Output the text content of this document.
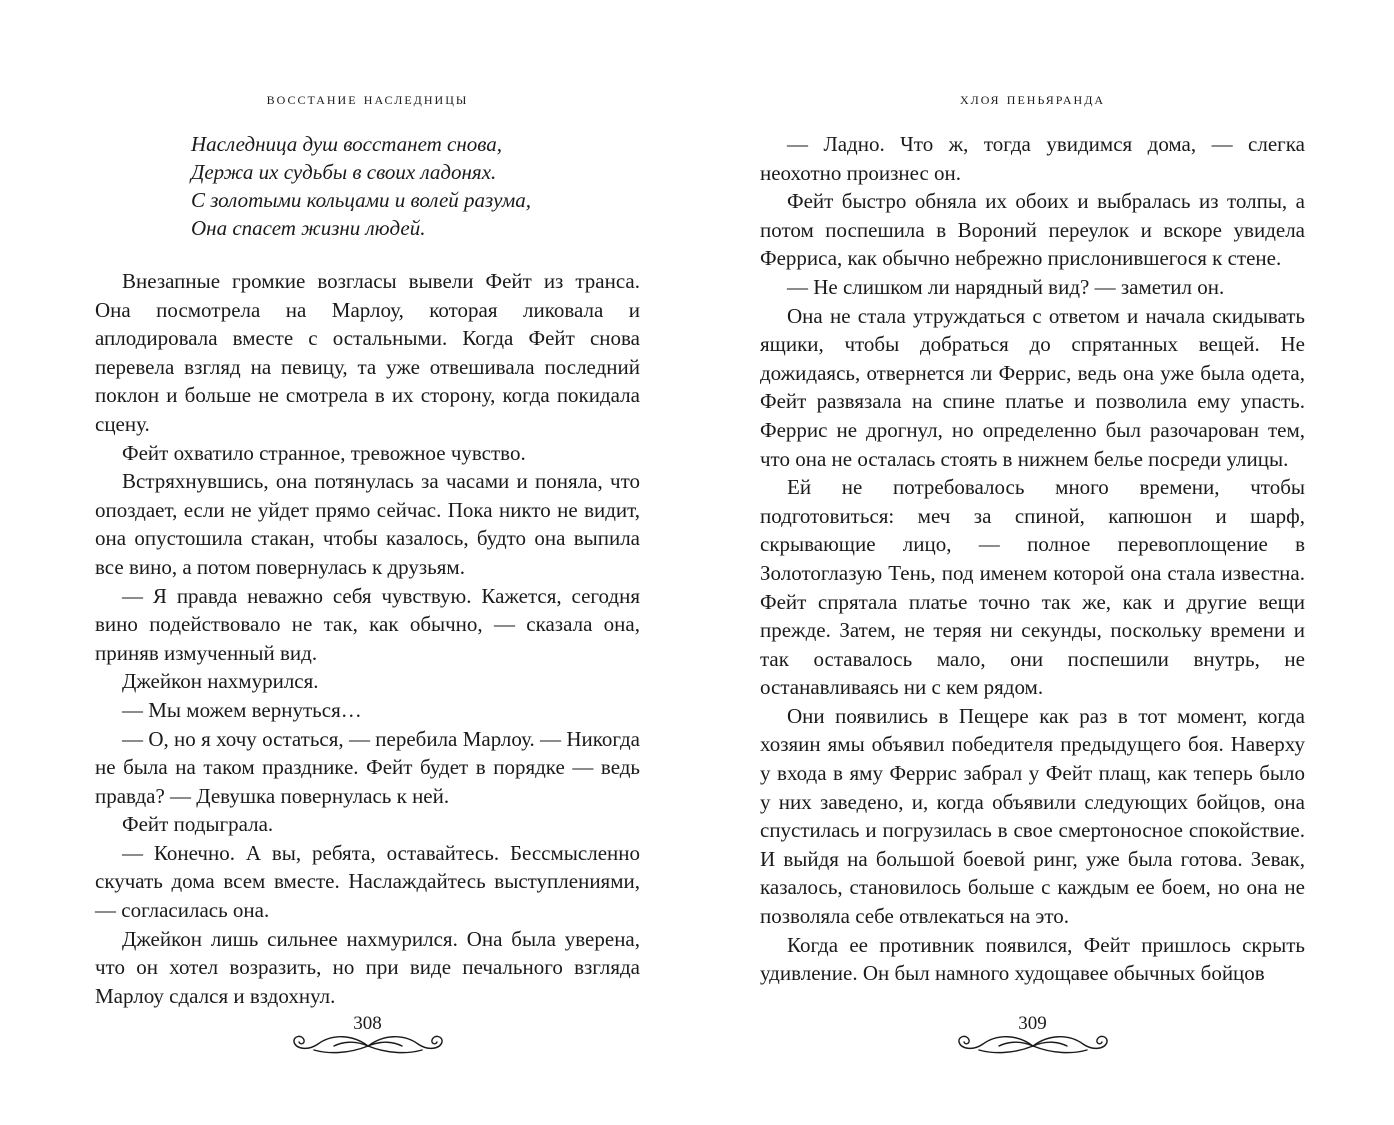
восстание наследницы
Наследница душ восстанет снова,
Держа их судьбы в своих ладонях.
С золотыми кольцами и волей разума,
Она спасет жизни людей.

Внезапные громкие возгласы вывели Фейт из транса. Она посмотрела на Марлоу, которая ликовала и аплодировала вместе с остальными. Когда Фейт снова перевела взгляд на певицу, та уже отвешивала последний поклон и больше не смотрела в их сторону, когда покидала сцену.

Фейт охватило странное, тревожное чувство.

Встряхнувшись, она потянулась за часами и поняла, что опоздает, если не уйдет прямо сейчас. Пока никто не видит, она опустошила стакан, чтобы казалось, будто она выпила все вино, а потом повернулась к друзьям.

— Я правда неважно себя чувствую. Кажется, сегодня вино подействовало не так, как обычно, — сказала она, приняв измученный вид.

Джейкон нахмурился.

— Мы можем вернуться…

— О, но я хочу остаться, — перебила Марлоу. — Никогда не была на таком празднике. Фейт будет в порядке — ведь правда? — Девушка повернулась к ней.

Фейт подыграла.

— Конечно. А вы, ребята, оставайтесь. Бессмысленно скучать дома всем вместе. Наслаждайтесь выступлениями, — согласилась она.

Джейкон лишь сильнее нахмурился. Она была уверена, что он хотел возразить, но при виде печального взгляда Марлоу сдался и вздохнул.

308
хлоя пеньяранда

— Ладно. Что ж, тогда увидимся дома, — слегка неохотно произнес он.

Фейт быстро обняла их обоих и выбралась из толпы, а потом поспешила в Вороний переулок и вскоре увидела Ферриса, как обычно небрежно прислонившегося к стене.

— Не слишком ли нарядный вид? — заметил он.

Она не стала утруждаться с ответом и начала скидывать ящики, чтобы добраться до спрятанных вещей. Не дожидаясь, отвернется ли Феррис, ведь она уже была одета, Фейт развязала на спине платье и позволила ему упасть. Феррис не дрогнул, но определенно был разочарован тем, что она не осталась стоять в нижнем белье посреди улицы.

Ей не потребовалось много времени, чтобы подготовиться: меч за спиной, капюшон и шарф, скрывающие лицо, — полное перевоплощение в Золотоглазую Тень, под именем которой она стала известна. Фейт спрятала платье точно так же, как и другие вещи прежде. Затем, не теряя ни секунды, поскольку времени и так оставалось мало, они поспешили внутрь, не останавливаясь ни с кем рядом.

Они появились в Пещере как раз в тот момент, когда хозяин ямы объявил победителя предыдущего боя. Наверху у входа в яму Феррис забрал у Фейт плащ, как теперь было у них заведено, и, когда объявили следующих бойцов, она спустилась и погрузилась в свое смертоносное спокойствие. И выйдя на большой боевой ринг, уже была готова. Зевак, казалось, становилось больше с каждым ее боем, но она не позволяла себе отвлекаться на это.

Когда ее противник появился, Фейт пришлось скрыть удивление. Он был намного худощавее обычных бойцов

309
